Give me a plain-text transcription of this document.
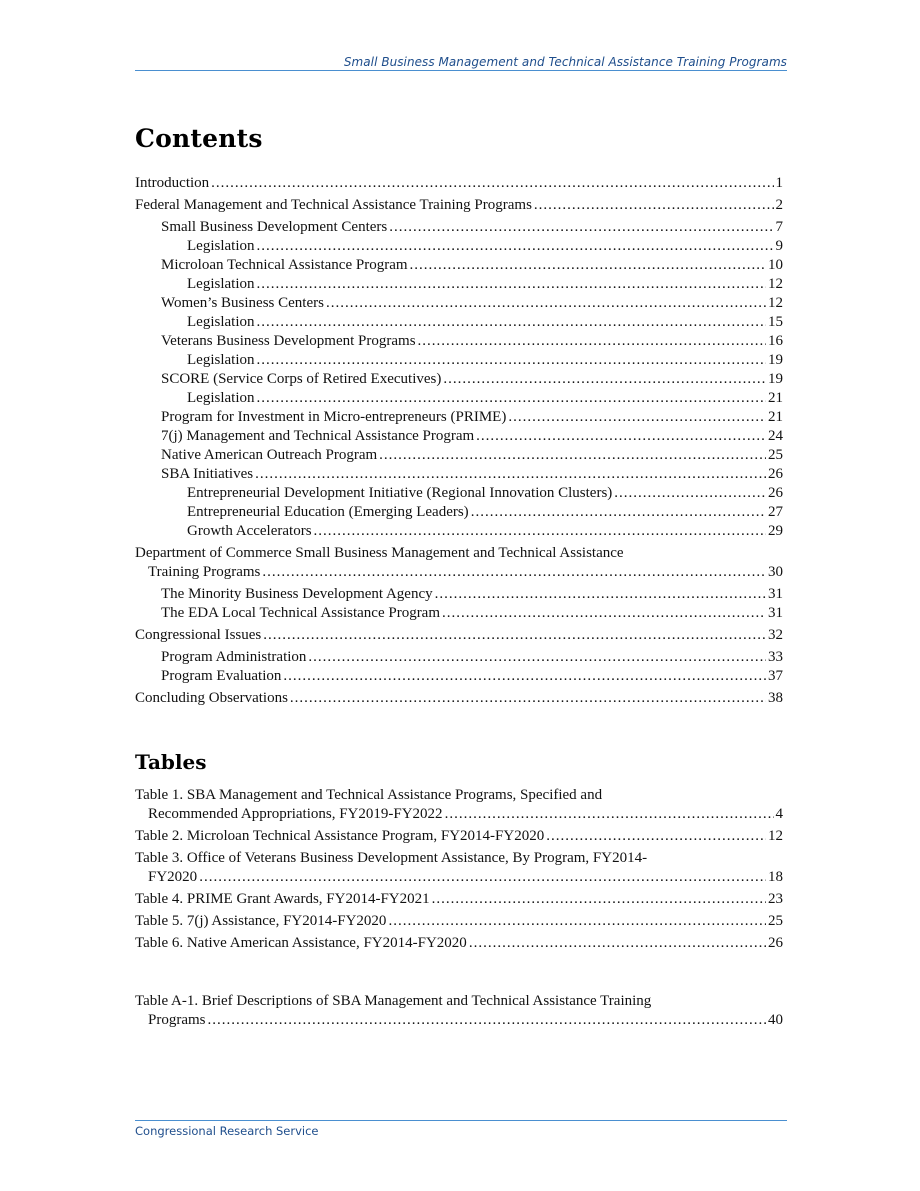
Small Business Management and Technical Assistance Training Programs
Contents
Introduction .....	1
Federal Management and Technical Assistance Training Programs .....	2
Small Business Development Centers .....	7
Legislation .....	9
Microloan Technical Assistance Program .....	10
Legislation .....	12
Women’s Business Centers .....	12
Legislation .....	15
Veterans Business Development Programs .....	16
Legislation .....	19
SCORE (Service Corps of Retired Executives) .....	19
Legislation .....	21
Program for Investment in Micro-entrepreneurs (PRIME) .....	21
7(j) Management and Technical Assistance Program .....	24
Native American Outreach Program .....	25
SBA Initiatives .....	26
Entrepreneurial Development Initiative (Regional Innovation Clusters) .....	26
Entrepreneurial Education (Emerging Leaders) .....	27
Growth Accelerators .....	29
Department of Commerce Small Business Management and Technical Assistance
Training Programs .....	30
The Minority Business Development Agency .....	31
The EDA Local Technical Assistance Program .....	31
Congressional Issues .....	32
Program Administration .....	33
Program Evaluation .....	37
Concluding Observations .....	38
Tables
Table 1. SBA Management and Technical Assistance Programs, Specified and
Recommended Appropriations, FY2019-FY2022 .....	4
Table 2. Microloan Technical Assistance Program, FY2014-FY2020 .....	12
Table 3. Office of Veterans Business Development Assistance, By Program, FY2014-
FY2020 .....	18
Table 4. PRIME Grant Awards, FY2014-FY2021 .....	23
Table 5. 7(j) Assistance, FY2014-FY2020 .....	25
Table 6. Native American Assistance, FY2014-FY2020 .....	26
Table A-1. Brief Descriptions of SBA Management and Technical Assistance Training
Programs .....	40
Congressional Research Service
